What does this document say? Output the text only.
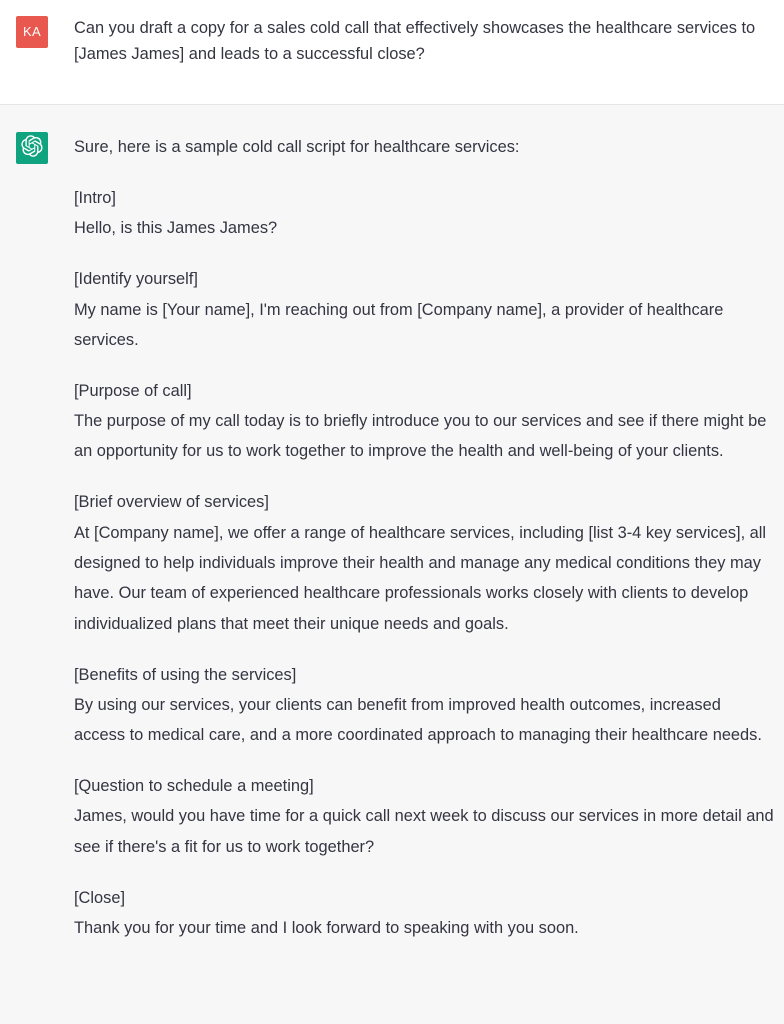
KA	Can you draft a copy for a sales cold call that effectively showcases the healthcare services to [James James] and leads to a successful close?

Sure, here is a sample cold call script for healthcare services:

[Intro]
Hello, is this James James?

[Identify yourself]
My name is [Your name], I'm reaching out from [Company name], a provider of healthcare services.

[Purpose of call]
The purpose of my call today is to briefly introduce you to our services and see if there might be an opportunity for us to work together to improve the health and well-being of your clients.

[Brief overview of services]
At [Company name], we offer a range of healthcare services, including [list 3-4 key services], all designed to help individuals improve their health and manage any medical conditions they may have. Our team of experienced healthcare professionals works closely with clients to develop individualized plans that meet their unique needs and goals.

[Benefits of using the services]
By using our services, your clients can benefit from improved health outcomes, increased access to medical care, and a more coordinated approach to managing their healthcare needs.

[Question to schedule a meeting]
James, would you have time for a quick call next week to discuss our services in more detail and see if there's a fit for us to work together?

[Close]
Thank you for your time and I look forward to speaking with you soon.
